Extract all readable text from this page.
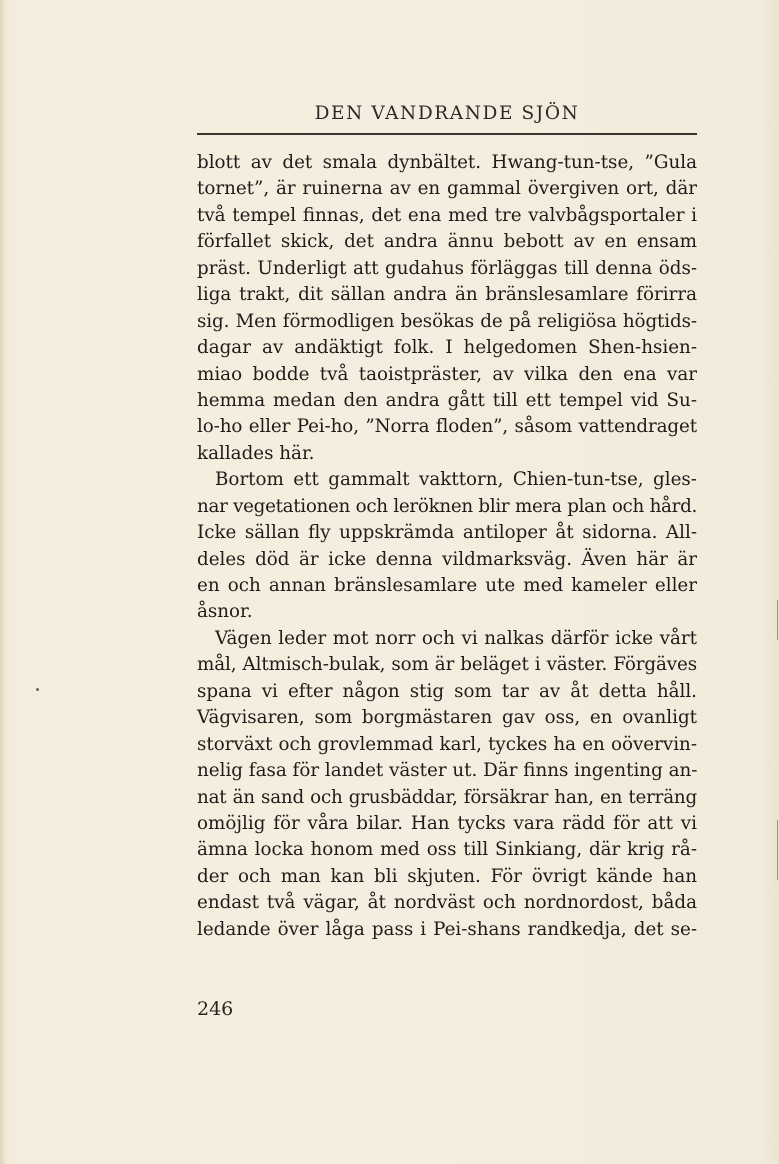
DEN VANDRANDE SJÖN
blott av det smala dynbältet. Hwang-tun-tse, ”Gula
tornet”, är ruinerna av en gammal övergiven ort, där
två tempel finnas, det ena med tre valvbågsportaler i
förfallet skick, det andra ännu bebott av en ensam
präst. Underligt att gudahus förläggas till denna öds-
liga trakt, dit sällan andra än bränslesamlare förirra
sig. Men förmodligen besökas de på religiösa högtids-
dagar av andäktigt folk. I helgedomen Shen-hsien-
miao bodde två taoistpräster, av vilka den ena var
hemma medan den andra gått till ett tempel vid Su-
lo-ho eller Pei-ho, ”Norra floden”, såsom vattendraget
kallades här.
Bortom ett gammalt vakttorn, Chien-tun-tse, gles-
nar vegetationen och leröknen blir mera plan och hård.
Icke sällan fly uppskrämda antiloper åt sidorna. All-
deles död är icke denna vildmarksväg. Även här är
en och annan bränslesamlare ute med kameler eller
åsnor.
Vägen leder mot norr och vi nalkas därför icke vårt
mål, Altmisch-bulak, som är beläget i väster. Förgäves
spana vi efter någon stig som tar av åt detta håll.
Vägvisaren, som borgmästaren gav oss, en ovanligt
storväxt och grovlemmad karl, tyckes ha en oövervin-
nelig fasa för landet väster ut. Där finns ingenting an-
nat än sand och grusbäddar, försäkrar han, en terräng
omöjlig för våra bilar. Han tycks vara rädd för att vi
ämna locka honom med oss till Sinkiang, där krig rå-
der och man kan bli skjuten. För övrigt kände han
endast två vägar, åt nordväst och nordnordost, båda
ledande över låga pass i Pei-shans randkedja, det se-
246
